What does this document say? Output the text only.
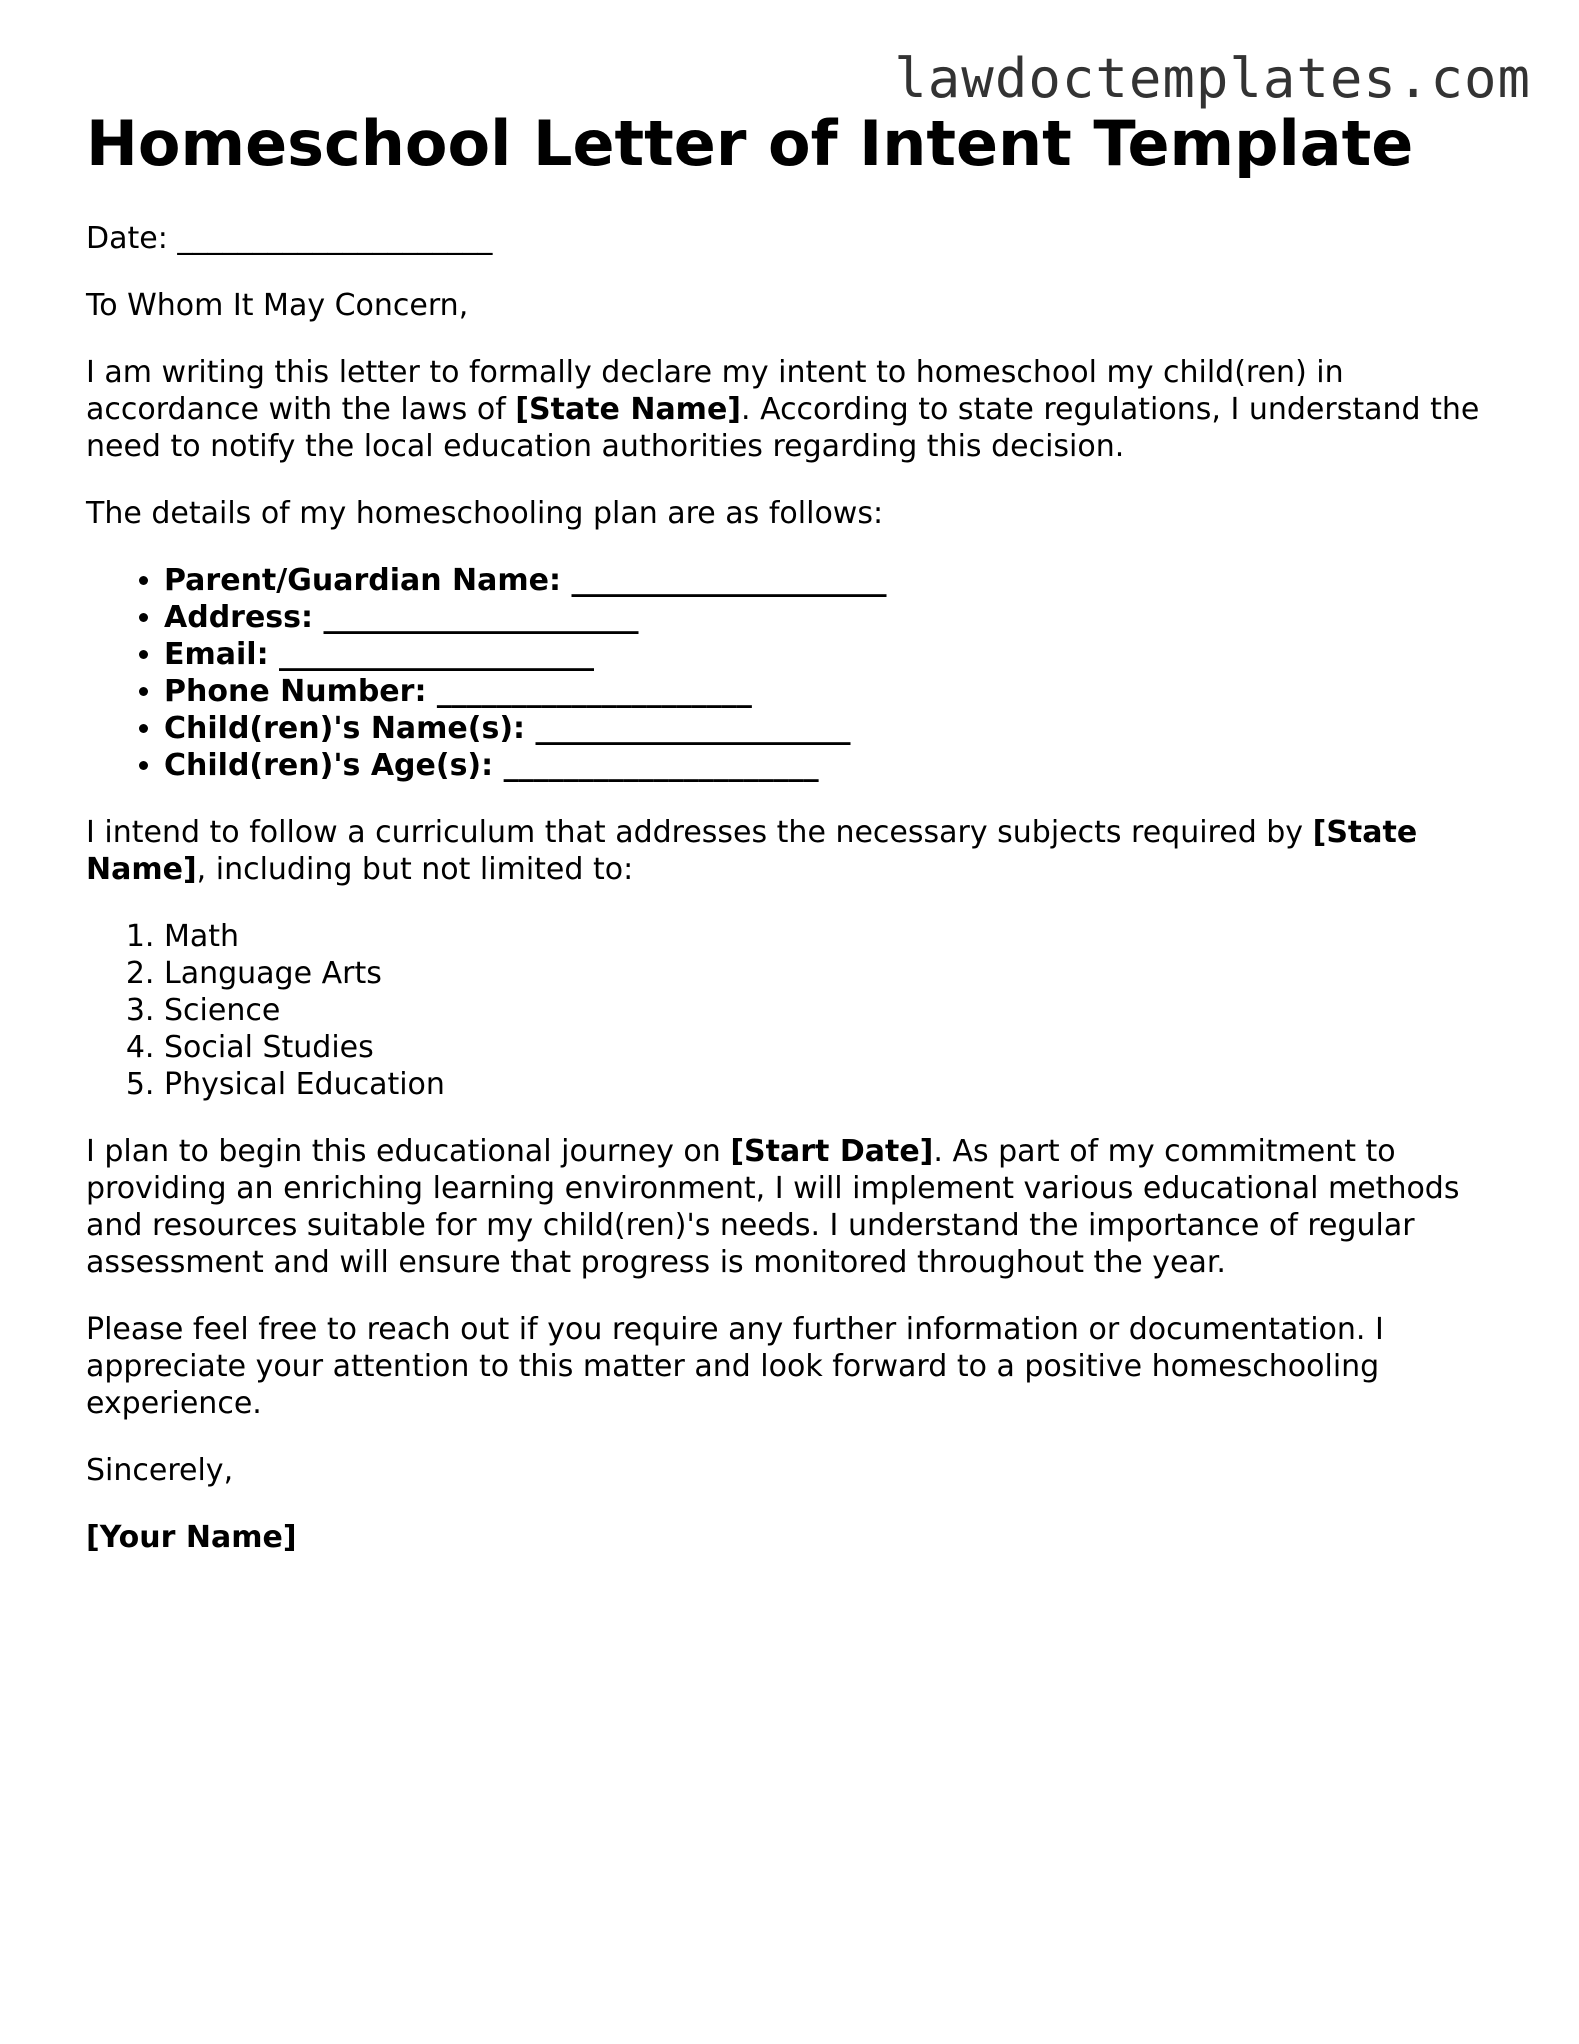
lawdoctemplates.com
Homeschool Letter of Intent Template

Date: _____________________

To Whom It May Concern,

I am writing this letter to formally declare my intent to homeschool my child(ren) in accordance with the laws of [State Name]. According to state regulations, I understand the need to notify the local education authorities regarding this decision.

The details of my homeschooling plan are as follows:

• Parent/Guardian Name: _____________________
• Address: _____________________
• Email: _____________________
• Phone Number: _____________________
• Child(ren)'s Name(s): _____________________
• Child(ren)'s Age(s): _____________________

I intend to follow a curriculum that addresses the necessary subjects required by [State Name], including but not limited to:

1. Math
2. Language Arts
3. Science
4. Social Studies
5. Physical Education

I plan to begin this educational journey on [Start Date]. As part of my commitment to providing an enriching learning environment, I will implement various educational methods and resources suitable for my child(ren)'s needs. I understand the importance of regular assessment and will ensure that progress is monitored throughout the year.

Please feel free to reach out if you require any further information or documentation. I appreciate your attention to this matter and look forward to a positive homeschooling experience.

Sincerely,

[Your Name]
